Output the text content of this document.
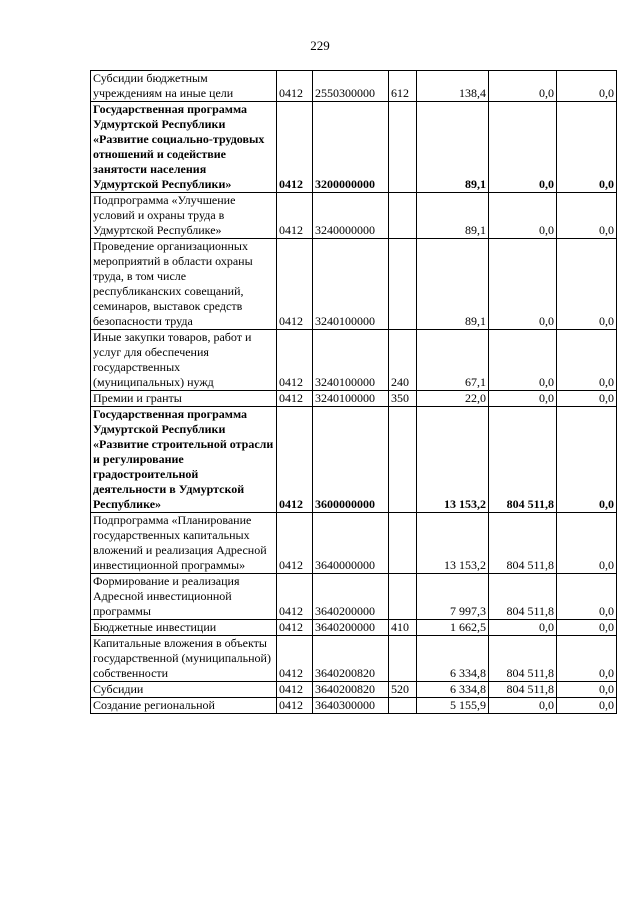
229
Субсидии бюджетным учреждениям на иные цели	0412	2550300000	612	138,4	0,0	0,0
Государственная программа Удмуртской Республики «Развитие социально-трудовых отношений и содействие занятости населения Удмуртской Республики»	0412	3200000000		89,1	0,0	0,0
Подпрограмма «Улучшение условий и охраны труда в Удмуртской Республике»	0412	3240000000		89,1	0,0	0,0
Проведение организационных мероприятий в области охраны труда, в том числе республиканских совещаний, семинаров, выставок средств безопасности труда	0412	3240100000		89,1	0,0	0,0
Иные закупки товаров, работ и услуг для обеспечения государственных (муниципальных) нужд	0412	3240100000	240	67,1	0,0	0,0
Премии и гранты	0412	3240100000	350	22,0	0,0	0,0
Государственная программа Удмуртской Республики «Развитие строительной отрасли и регулирование градостроительной деятельности в Удмуртской Республике»	0412	3600000000		13 153,2	804 511,8	0,0
Подпрограмма «Планирование государственных капитальных вложений и реализация Адресной инвестиционной программы»	0412	3640000000		13 153,2	804 511,8	0,0
Формирование и реализация Адресной инвестиционной программы	0412	3640200000		7 997,3	804 511,8	0,0
Бюджетные инвестиции	0412	3640200000	410	1 662,5	0,0	0,0
Капитальные вложения в объекты государственной (муниципальной) собственности	0412	3640200820		6 334,8	804 511,8	0,0
Субсидии	0412	3640200820	520	6 334,8	804 511,8	0,0
Создание региональной	0412	3640300000		5 155,9	0,0	0,0
